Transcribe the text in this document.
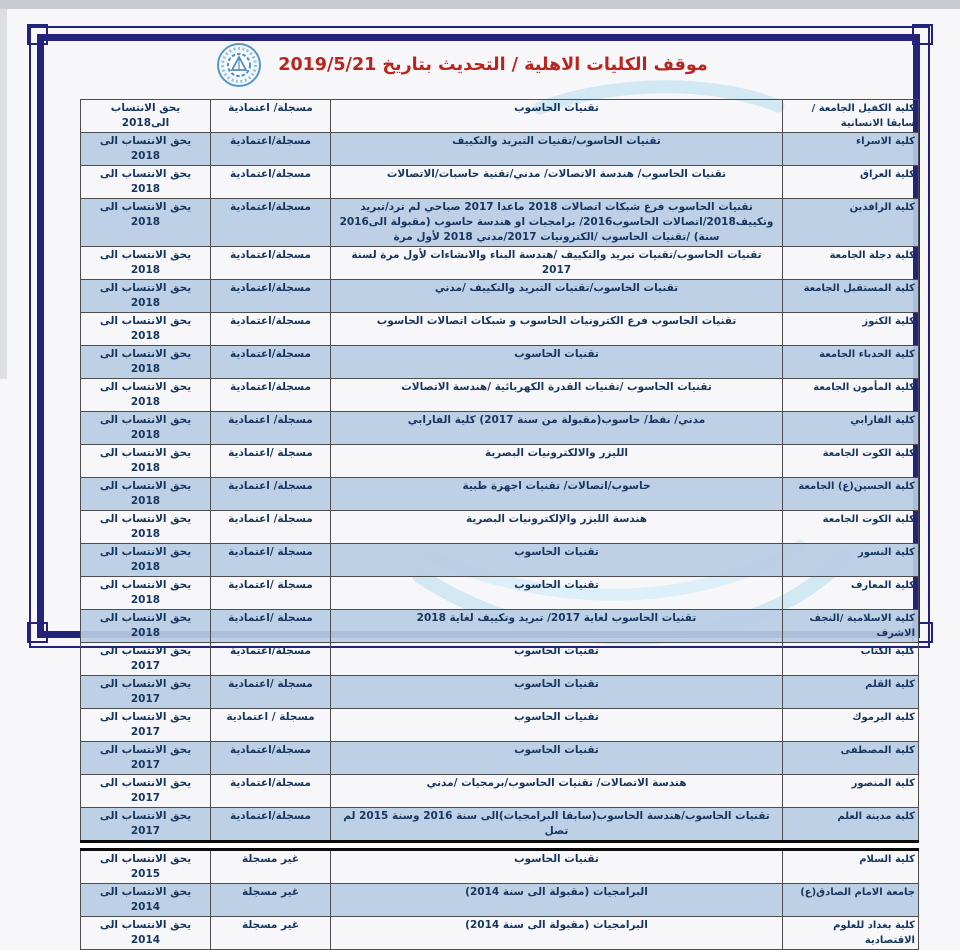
موقف الكليات الاهلية / التحديث بتاريخ 2019/5/21
كلية الكفيل الجامعة / سابقا الانسانية	تقنيات الحاسوب	مسجلة/ اعتمادية	يحق الانتساب الى2018
كلية الاسراء	تقنيات الحاسوب/تقنيات التبريد والتكييف	مسجلة/اعتمادية	يحق الانتساب الى 2018
كلية العراق	تقنيات الحاسوب/ هندسة الاتصالات/ مدني/تقنية حاسبات/الاتصالات	مسجلة/اعتمادية	يحق الانتساب الى 2018
كلية الرافدين	تقنيات الحاسوب فرع شبكات اتصالات 2018 ماعدا 2017 صباحي لم ترد/تبريد وتكييف2018/اتصالات الحاسوب2016/ برامجيات او هندسة حاسوب (مقبولة الى2016 سنة) /تقنيات الحاسوب /الكترونيات 2017/مدني 2018 لأول مرة	مسجلة/اعتمادية	يحق الانتساب الى 2018
كلية دجلة الجامعة	تقنيات الحاسوب/تقنيات تبريد والتكييف /هندسة البناء والانشاءات لأول مرة لسنة 2017	مسجلة/اعتمادية	يحق الانتساب الى 2018
كلية المستقبل الجامعة	تقنيات الحاسوب/تقنيات التبريد والتكييف /مدني	مسجلة/اعتمادية	يحق الانتساب الى 2018
كلية الكنوز	تقنيات الحاسوب فرع الكترونيات الحاسوب و شبكات اتصالات الحاسوب	مسجلة/اعتمادية	يحق الانتساب الى 2018
كلية الحدباء الجامعة	تقنيات الحاسوب	مسجلة/اعتمادية	يحق الانتساب الى 2018
كلية المأمون الجامعة	تقنيات الحاسوب /تقنيات القدرة الكهربائية /هندسة الاتصالات	مسجلة/اعتمادية	يحق الانتساب الى 2018
كلية الفارابي	مدني/ نفط/ حاسوب(مقبولة من سنة 2017) كلية الفارابي	مسجلة/ اعتمادية	يحق الانتساب الى 2018
كلية الكوت الجامعة	الليزر والالكترونيات البصرية	مسجلة /اعتمادية	يحق الانتساب الى 2018
كلية الحسين(ع) الجامعة	حاسوب/اتصالات/ تقنيات اجهزة طبية	مسجلة/ اعتمادية	يحق الانتساب الى 2018
كلية الكوت الجامعة	هندسة الليزر والإلكترونيات البصرية	مسجلة/ اعتمادية	يحق الانتساب الى 2018
كلية النسور	تقنيات الحاسوب	مسجلة /اعتمادية	يحق الانتساب الى 2018
كلية المعارف	تقنيات الحاسوب	مسجلة /اعتمادية	يحق الانتساب الى 2018
كلية الاسلامية /النجف الاشرف	تقنيات الحاسوب لغاية 2017/ تبريد وتكييف لغاية 2018	مسجلة /اعتمادية	يحق الانتساب الى 2018
كلية الكتاب	تقنيات الحاسوب	مسجلة/اعتمادية	يحق الانتساب الى 2017
كلية القلم	تقنيات الحاسوب	مسجلة /اعتمادية	يحق الانتساب الى 2017
كلية اليرموك	تقنيات الحاسوب	مسجلة / اعتمادية	يحق الانتساب الى 2017
كلية المصطفى	تقنيات الحاسوب	مسجلة/اعتمادية	يحق الانتساب الى 2017
كلية المنصور	هندسة الاتصالات/ تقنيات الحاسوب/برمجيات /مدني	مسجلة/اعتمادية	يحق الانتساب الى 2017
كلية مدينة العلم	تقنيات الحاسوب/هندسة الحاسوب(سابقا البرامجيات)الى سنة 2016 وسنة 2015 لم تصل	مسجلة/اعتمادية	يحق الانتساب الى 2017

كلية السلام	تقنيات الحاسوب	غير مسجلة	يحق الانتساب الى 2015
جامعة الامام الصادق(ع)	البرامجيات (مقبولة الى سنة 2014)	غير مسجلة	يحق الانتساب الى 2014
كلية بغداد للعلوم الاقتصادية	البرامجيات (مقبولة الى سنة 2014)	غير مسجلة	يحق الانتساب الى 2014
